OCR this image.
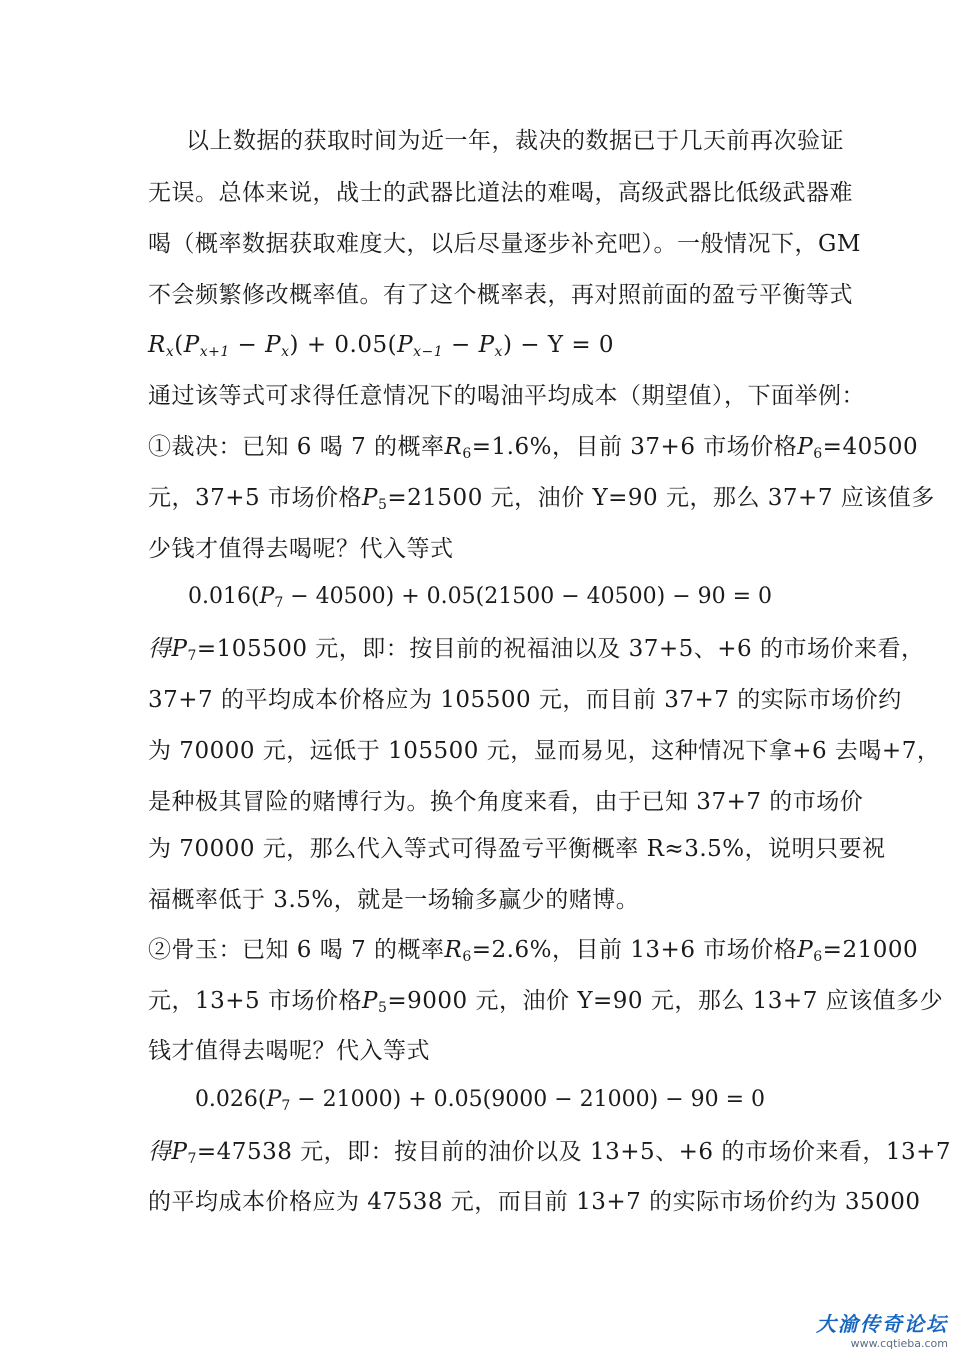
以上数据的获取时间为近一年，裁决的数据已于几天前再次验证
无误。总体来说，战士的武器比道法的难喝，高级武器比低级武器难
喝（概率数据获取难度大，以后尽量逐步补充吧）。一般情况下，GM
不会频繁修改概率值。有了这个概率表，再对照前面的盈亏平衡等式
$R_x(P_{x+1} - P_x) + 0.05(P_{x-1} - P_x) - Y = 0$
通过该等式可求得任意情况下的喝油平均成本（期望值），下面举例：
①裁决：已知 6 喝 7 的概率$R_6=1.6\%$，目前 37+6 市场价格$P_6=40500$
元，37+5 市场价格$P_5=21500$ 元，油价 Y=90 元，那么 37+7 应该值多
少钱才值得去喝呢？代入等式
$0.016(P_7 - 40500) + 0.05(21500 - 40500) - 90 = 0$
得$P_7=105500$ 元，即：按目前的祝福油以及 37+5、+6 的市场价来看，
37+7 的平均成本价格应为 105500 元，而目前 37+7 的实际市场价约
为 70000 元，远低于 105500 元，显而易见，这种情况下拿+6 去喝+7，
是种极其冒险的赌博行为。换个角度来看，由于已知 37+7 的市场价
为 70000 元，那么代入等式可得盈亏平衡概率 R≈3.5%，说明只要祝
福概率低于 3.5%，就是一场输多赢少的赌博。
②骨玉：已知 6 喝 7 的概率$R_6=2.6\%$，目前 13+6 市场价格$P_6=21000$
元，13+5 市场价格$P_5=9000$ 元，油价 Y=90 元，那么 13+7 应该值多少
钱才值得去喝呢？代入等式
$0.026(P_7 - 21000) + 0.05(9000 - 21000) - 90 = 0$
得$P_7=47538$ 元，即：按目前的油价以及 13+5、+6 的市场价来看，13+7
的平均成本价格应为 47538 元，而目前 13+7 的实际市场价约为 35000
大渝传奇论坛
www.cqtieba.com
